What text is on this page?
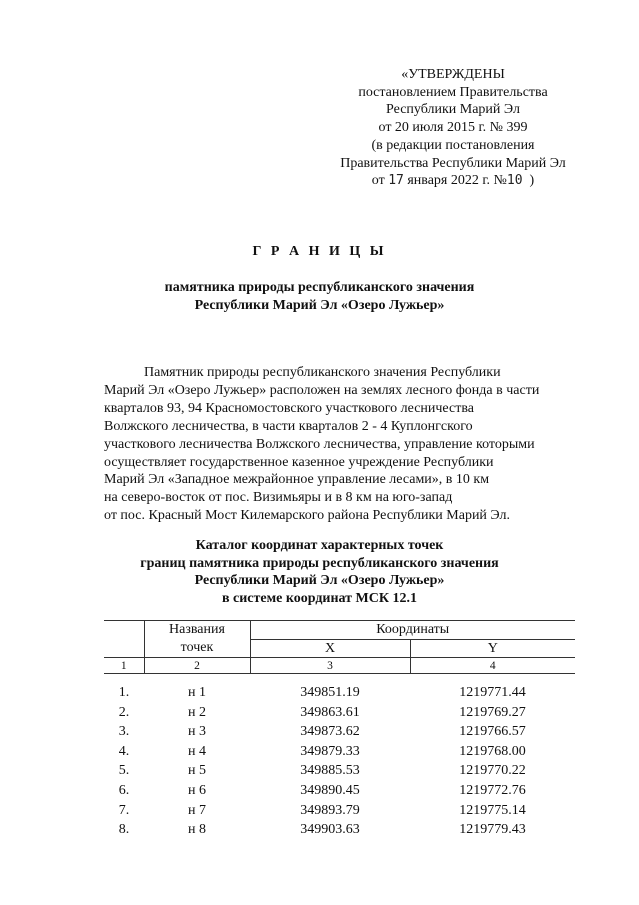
«УТВЕРЖДЕНЫ
постановлением Правительства
Республики Марий Эл
от 20 июля 2015 г. № 399
(в редакции постановления
Правительства Республики Марий Эл
от 17 января 2022 г. №10 )
Г Р А Н И Ц Ы
памятника природы республиканского значения
Республики Марий Эл «Озеро Лужьер»
Памятник природы республиканского значения Республики
Марий Эл «Озеро Лужьер» расположен на землях лесного фонда в части
кварталов 93, 94 Красномостовского участкового лесничества
Волжского лесничества, в части кварталов 2 - 4 Куплонгского
участкового лесничества Волжского лесничества, управление которыми
осуществляет государственное казенное учреждение Республики
Марий Эл «Западное межрайонное управление лесами», в 10 км
на северо-восток от пос. Визимьяры и в 8 км на юго-запад
от пос. Красный Мост Килемарского района Республики Марий Эл.
Каталог координат характерных точек
границ памятника природы республиканского значения
Республики Марий Эл «Озеро Лужьер»
в системе координат МСК 12.1
	Названия	Координаты	
	точек	X	Y
1	2	3	4
1.	н 1	349851.19	1219771.44
2.	н 2	349863.61	1219769.27
3.	н 3	349873.62	1219766.57
4.	н 4	349879.33	1219768.00
5.	н 5	349885.53	1219770.22
6.	н 6	349890.45	1219772.76
7.	н 7	349893.79	1219775.14
8.	н 8	349903.63	1219779.43
